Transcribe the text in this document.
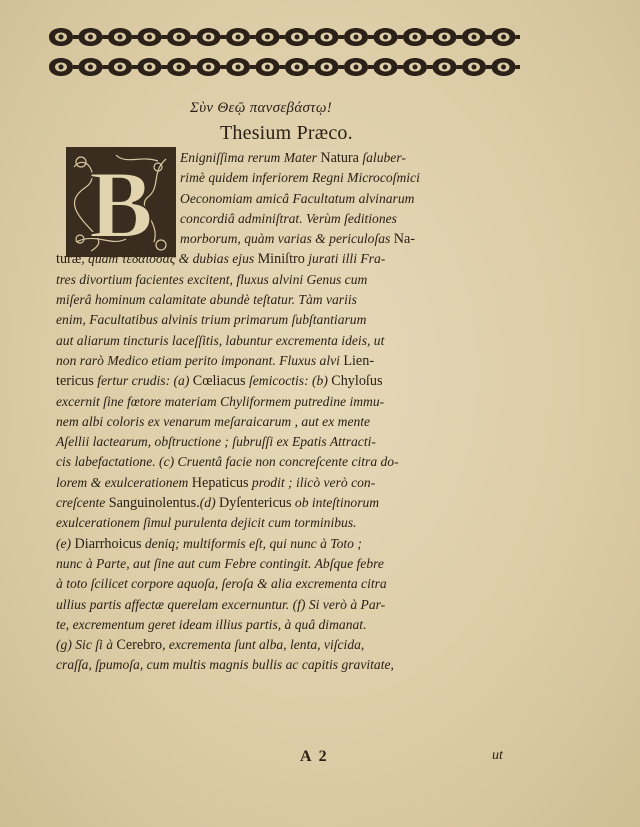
Σὺν Θεῷ πανσεβάστῳ!
Thesium Præco.
B	Enigniſſima rerum Mater Natura ſaluber-
rimè quidem inferiorem Regni Microcoſmici
Oeconomiam amicâ Facultatum alvinarum
concordiâ adminiſtrat. Verùm ſeditiones
morborum, quàm varias & periculoſas Na-
turæ, quàm τεδαίοσας & dubias ejus Miniſtro jurati illi Fra-
tres divortium facientes excitent, fluxus alvini Genus cum
miſerâ hominum calamitate abundè teſtatur. Tàm variis
enim, Facultatibus alvinis trium primarum ſubſtantiarum
aut aliarum tincturis laceſſitis, labuntur excrementa ideis, ut
non rarò Medico etiam perito imponant. Fluxus alvi Lien-
tericus fertur crudis: (a) Cœliacus ſemicoctis: (b) Chyloſus
excernit ſine fœtore materiam Chyliformem putredine immu-
nem albi coloris ex venarum meſaraicarum , aut ex mente
Aſellii lactearum, obſtructione ; ſubruſſi ex Epatis Attracti-
cis labefactatione. (c) Cruentâ facie non concreſcente citra do-
lorem & exulcerationem Hepaticus prodit ; ilicò verò con-
creſcente Sanguinolentus.(d) Dyſentericus ob inteſtinorum
exulcerationem ſimul purulenta dejicit cum torminibus.
(e) Diarrhoicus deniq; multiformis eſt, qui nunc à Toto ;
nunc à Parte, aut ſine aut cum Febre contingit. Abſque febre
à toto ſcilicet corpore aquoſa, ſeroſa & alia excrementa citra
ullius partis affectæ querelam excernuntur. (f) Si verò à Par-
te, excrementum geret ideam illius partis, à quâ dimanat.
(g) Sic ſi à Cerebro, excrementa ſunt alba, lenta, viſcida,
craſſa, ſpumoſa, cum multis magnis bullis ac capitis gravitate,
A 2	ut
